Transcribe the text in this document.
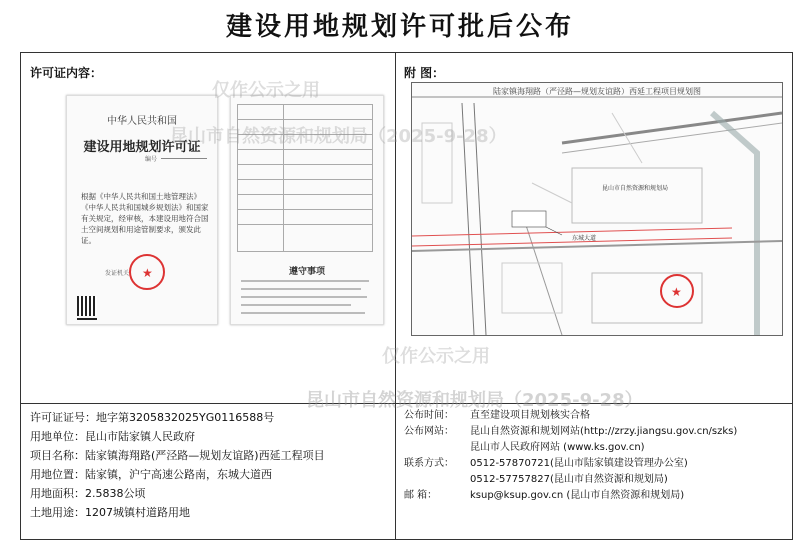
建设用地规划许可批后公布
许可证内容：
中华人民共和国
建设用地规划许可证
编号
根据《中华人民共和国土地管理法》《中华人民共和国城乡规划法》和国家有关规定，经审核，本建设用地符合国土空间规划和用途管制要求，颁发此证。
发证机关 ★

		遵守事项
附 图：
陆家镇海翔路（严泾路—规划友谊路）西延工程项目规划图
★
东城大道
昆山市自然资源和规划局
仅作公示之用
昆山市自然资源和规划局（2025-9-28）
仅作公示之用
昆山市自然资源和规划局（2025-9-28）
许可证证号： 地字第3205832025YG0116588号
用地单位： 昆山市陆家镇人民政府
项目名称： 陆家镇海翔路(严泾路—规划友谊路)西延工程项目
用地位置： 陆家镇，沪宁高速公路南，东城大道西
用地面积： 2.5838公顷
土地用途： 1207城镇村道路用地
公布时间：	直至建设项目规划核实合格
公布网站：	昆山自然资源和规划网站(http://zrzy.jiangsu.gov.cn/szks)
昆山市人民政府网站 (www.ks.gov.cn)
联系方式：	0512-57870721(昆山市陆家镇建设管理办公室)
0512-57757827(昆山市自然资源和规划局)
邮 箱：	ksup@ksup.gov.cn (昆山市自然资源和规划局)
